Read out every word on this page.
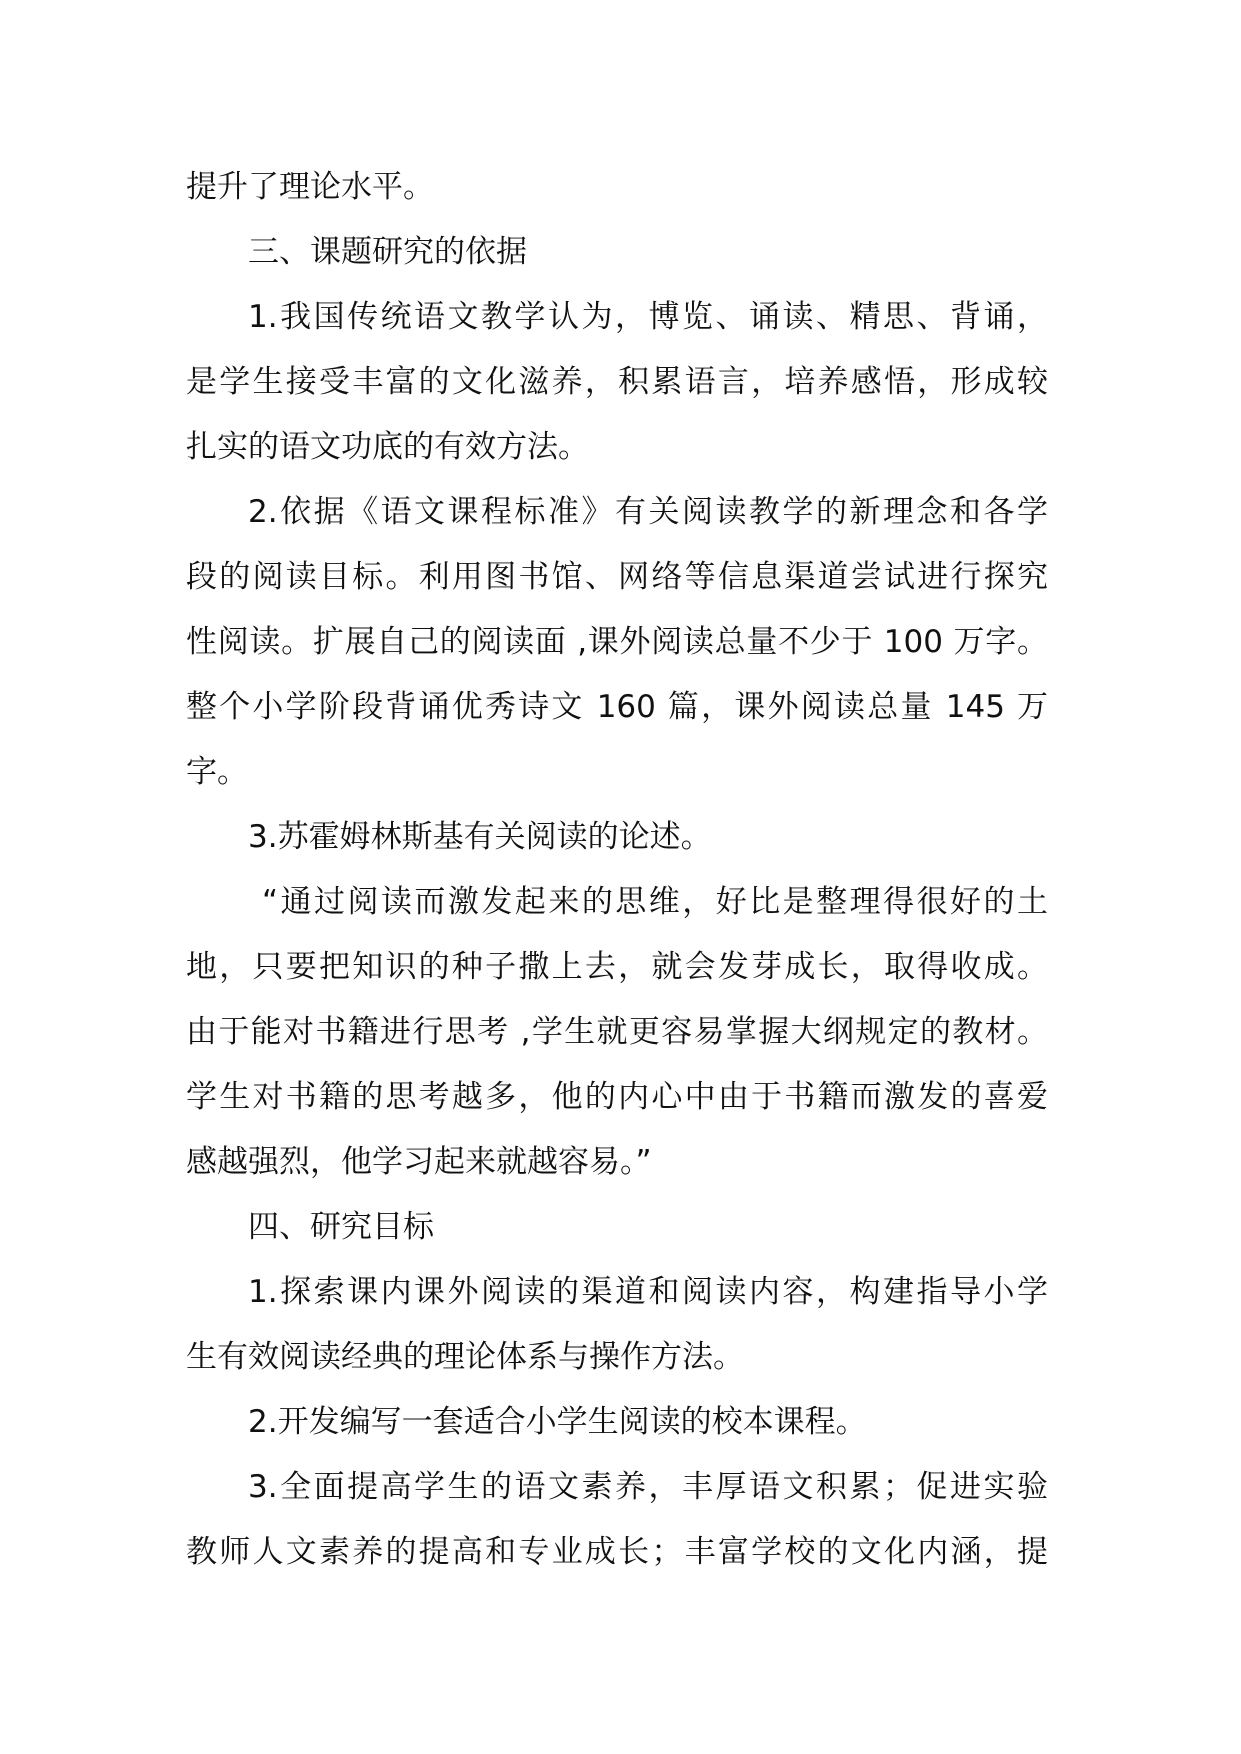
提升了理论水平。
三、课题研究的依据
1.我国传统语文教学认为，博览、诵读、精思、背诵，
是学生接受丰富的文化滋养，积累语言，培养感悟，形成较
扎实的语文功底的有效方法。
2.依据《语文课程标准》有关阅读教学的新理念和各学
段的阅读目标。利用图书馆、网络等信息渠道尝试进行探究
性阅读。扩展自己的阅读面 ,课外阅读总量不少于 100 万字。
整个小学阶段背诵优秀诗文 160 篇，课外阅读总量 145 万
字。
3.苏霍姆林斯基有关阅读的论述。
“通过阅读而激发起来的思维，好比是整理得很好的土
地，只要把知识的种子撒上去，就会发芽成长，取得收成。
由于能对书籍进行思考 ,学生就更容易掌握大纲规定的教材。
学生对书籍的思考越多，他的内心中由于书籍而激发的喜爱
感越强烈，他学习起来就越容易。”
四、研究目标
1.探索课内课外阅读的渠道和阅读内容，构建指导小学
生有效阅读经典的理论体系与操作方法。
2.开发编写一套适合小学生阅读的校本课程。
3.全面提高学生的语文素养，丰厚语文积累；促进实验
教师人文素养的提高和专业成长；丰富学校的文化内涵，提
